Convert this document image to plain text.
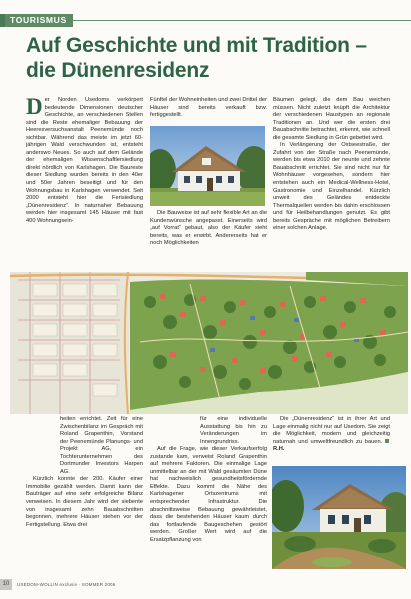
TOURISMUS
Auf Geschichte und mit Tradition –
die Dünenresidenz

Der Norden Usedoms verkörpert bedeutende Dimensionen deutscher Geschichte, an verschiedenen Stellen sind die Reste ehemaliger Bebauung der Heeresversuchsanstalt Peenemünde noch sichtbar. Während das meiste im jetzt 60-jährigen Wald verschwunden ist, entsteht anderswo Neues. So auch auf dem Gelände der ehemaligen Wissenschaftlersiedlung direkt nördlich von Karlshagen. Die Baureste dieser Siedlung wurden bereits in den 40er und 50er Jahren beseitigt und für den Wohnungsbau in Karlshagen verwendet. Seit 2000 entsteht hier die Ferisiedlung „Dünenresidenz“. In naturnaher Bebauung werden hier insgesamt 145 Häuser mit fast 400 Wohnungsein-

Fünftel der Wohneinheiten und zwei Drittel der Häuser sind bereits verkauft bzw. fertiggestellt.

Die Bauweise ist auf sehr flexible Art an die Kundenwünsche angepasst. Einerseits wird „auf Vorrat“ gebaut, also der Käufer sieht bereits, was er erwirbt. Andererseits hat er noch Möglichkeiten

Bäumen gelegt, die dem Bau weichen müssen. Nicht zuletzt knüpft die Architektur der verschiedenen Haustypen an regionale Traditionen an. Und wer die ersten drei Bauabschnitte betrachtet, erkennt, wie schnell die gesamte Siedlung in Grün gebettet wird.

In Verlängerung der Ostseestraße, der Zufahrt von der Straße nach Peenemünde, werden bis etwa 2010 der neunte und zehnte Bauabschnitt errichtet. Sie sind nicht nur für Wohnhäuser vorgesehen, sondern hier entstehen auch ein Medical-Wellness-Hotel, Gastronomie und Einzelhandel. Kürzlich unweit des Geländes entdeckte Thermalquellen werden bis dahin erschlossen und für Heilbehandlungen genutzt. Es gibt bereits Gespräche mit möglichen Betreibern einer solchen Anlage.

heiten errichtet. Zeit für eine Zwischenbilanz im Gespräch mit Roland Grapenthin, Vorstand der Peenemünde Planungs- und Projekt AG, ein Tochterunternehmen des Dortmunder Investors Harpen AG.

Kürzlich konnte der 200. Käufer einer Immobilie gezählt werden. Damit kann der Bauträger auf eine sehr erfolgreiche Bilanz verweisen. In diesem Jahr wird der siebente von insgesamt zehn Bauabschnitten begonnen, mehrere Häuser stehen vor der Fertigstellung. Etwa drei

für eine individuelle Ausstattung bis hin zu Veränderungen im Innengrundriss.

Auf die Frage, wie dieser Verkaufserfolg zustande kam, verweist Roland Grapenthin auf mehrere Faktoren. Die einmalige Lage unmittelbar an der mit Wald gesäumten Düne hat nachweislich gesundheitsfördernde Effekte. Dazu kommt die Nähe des Karlshagener Ortszentrums mit entsprechender Infrastruktur. Die abschnittsweise Bebauung gewährleistet, dass die bestehenden Häuser kaum durch das fortlaufende Baugeschehen gestört werden. Großer Wert wird auf die Ersatzpflanzung von

Die „Dünenresidenz“ ist in ihrer Art und Lage einmalig nicht nur auf Usedom. Sie zeigt die Möglichkeit, modern und gleichzeitig naturnah und umweltfreundlich zu bauen. R.H.

10	USEDOM-WOLLIN exclusiv · SOMMER 2006
